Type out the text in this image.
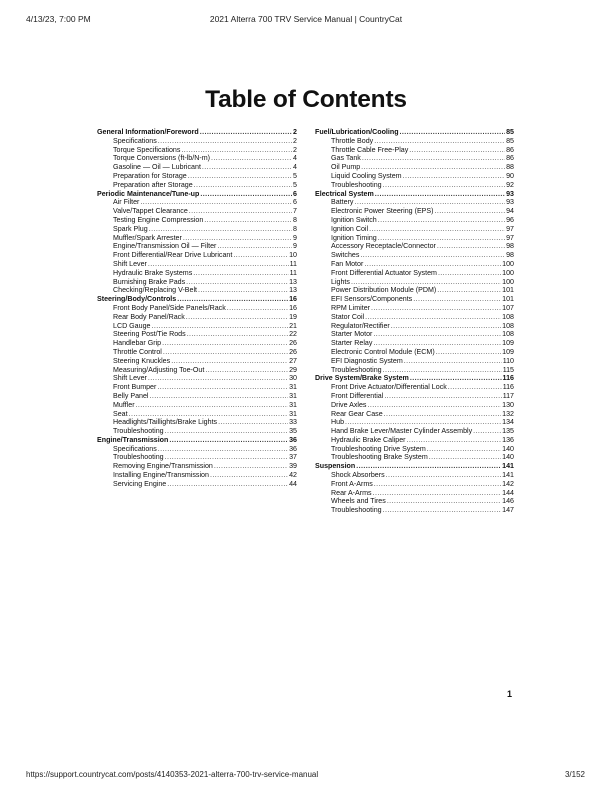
4/13/23, 7:00 PM	2021 Alterra 700 TRV Service Manual | CountryCat
Table of Contents
General Information/Foreword .....	2
Specifications .....	2
Torque Specifications .....	2
Torque Conversions (ft-lb/N-m) .....	4
Gasoline — Oil — Lubricant .....	4
Preparation for Storage .....	5
Preparation after Storage .....	5
Periodic Maintenance/Tune-up .....	6
Air Filter .....	6
Valve/Tappet Clearance .....	7
Testing Engine Compression .....	8
Spark Plug .....	8
Muffler/Spark Arrester .....	9
Engine/Transmission Oil — Filter .....	9
Front Differential/Rear Drive Lubricant .....	10
Shift Lever .....	11
Hydraulic Brake Systems .....	11
Burnishing Brake Pads .....	13
Checking/Replacing V-Belt .....	13
Steering/Body/Controls .....	16
Front Body Panel/Side Panels/Rack .....	16
Rear Body Panel/Rack .....	19
LCD Gauge .....	21
Steering Post/Tie Rods .....	22
Handlebar Grip .....	26
Throttle Control .....	26
Steering Knuckles .....	27
Measuring/Adjusting Toe-Out .....	29
Shift Lever .....	30
Front Bumper .....	31
Belly Panel .....	31
Muffler .....	31
Seat .....	31
Headlights/Taillights/Brake Lights .....	33
Troubleshooting .....	35
Engine/Transmission .....	36
Specifications .....	36
Troubleshooting .....	37
Removing Engine/Transmission .....	39
Installing Engine/Transmission .....	42
Servicing Engine .....	44
Fuel/Lubrication/Cooling .....	85
Throttle Body .....	85
Throttle Cable Free-Play .....	86
Gas Tank .....	86
Oil Pump .....	88
Liquid Cooling System .....	90
Troubleshooting .....	92
Electrical System .....	93
Battery .....	93
Electronic Power Steering (EPS) .....	94
Ignition Switch .....	96
Ignition Coil .....	97
Ignition Timing .....	97
Accessory Receptacle/Connector .....	98
Switches .....	98
Fan Motor .....	100
Front Differential Actuator System .....	100
Lights .....	100
Power Distribution Module (PDM) .....	101
EFI Sensors/Components .....	101
RPM Limiter .....	107
Stator Coil .....	108
Regulator/Rectifier .....	108
Starter Motor .....	108
Starter Relay .....	109
Electronic Control Module (ECM) .....	109
EFI Diagnostic System .....	110
Troubleshooting .....	115
Drive System/Brake System .....	116
Front Drive Actuator/Differential Lock .....	116
Front Differential .....	117
Drive Axles .....	130
Rear Gear Case .....	132
Hub .....	134
Hand Brake Lever/Master Cylinder Assembly .....	135
Hydraulic Brake Caliper .....	136
Troubleshooting Drive System .....	140
Troubleshooting Brake System .....	140
Suspension .....	141
Shock Absorbers .....	141
Front A-Arms .....	142
Rear A-Arms .....	144
Wheels and Tires .....	146
Troubleshooting .....	147
1
https://support.countrycat.com/posts/4140353-2021-alterra-700-trv-service-manual	3/152
